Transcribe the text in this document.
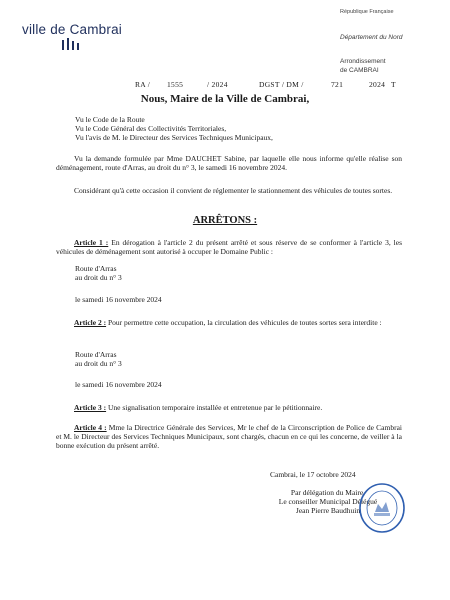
ville de Cambrai
République Française
Département du Nord
Arrondissement
de CAMBRAI
RA / 1555	/ 2024	DGST / DM /	721	2024 T
Nous, Maire de la Ville de Cambrai,
Vu le Code de la Route
Vu le Code Général des Collectivités Territoriales,
Vu l'avis de M. le Directeur des Services Techniques Municipaux,
Vu la demande formulée par Mme DAUCHET Sabine, par laquelle elle nous informe qu'elle réalise son déménagement, route d'Arras, au droit du n° 3, le samedi 16 novembre 2024.
Considérant qu'à cette occasion il convient de réglementer le stationnement des véhicules de toutes sortes.
ARRÊTONS :
Article 1 : En dérogation à l'article 2 du présent arrêté et sous réserve de se conformer à l'article 3, les véhicules de déménagement sont autorisé à occuper le Domaine Public :
Route d'Arras
au droit du n° 3
le samedi 16 novembre 2024
Article 2 : Pour permettre cette occupation, la circulation des véhicules de toutes sortes sera interdite :
Route d'Arras
au droit du n° 3
le samedi 16 novembre 2024
Article 3 : Une signalisation temporaire installée et entretenue par le pétitionnaire.
Article 4 : Mme la Directrice Générale des Services, Mr le chef de la Circonscription de Police de Cambrai et M. le Directeur des Services Techniques Municipaux, sont chargés, chacun en ce qui les concerne, de veiller à la bonne exécution du présent arrêté.
Cambrai, le 17 octobre 2024
Par délégation du Maire,
Le conseiller Municipal Délégué
Jean Pierre Baudhuin
